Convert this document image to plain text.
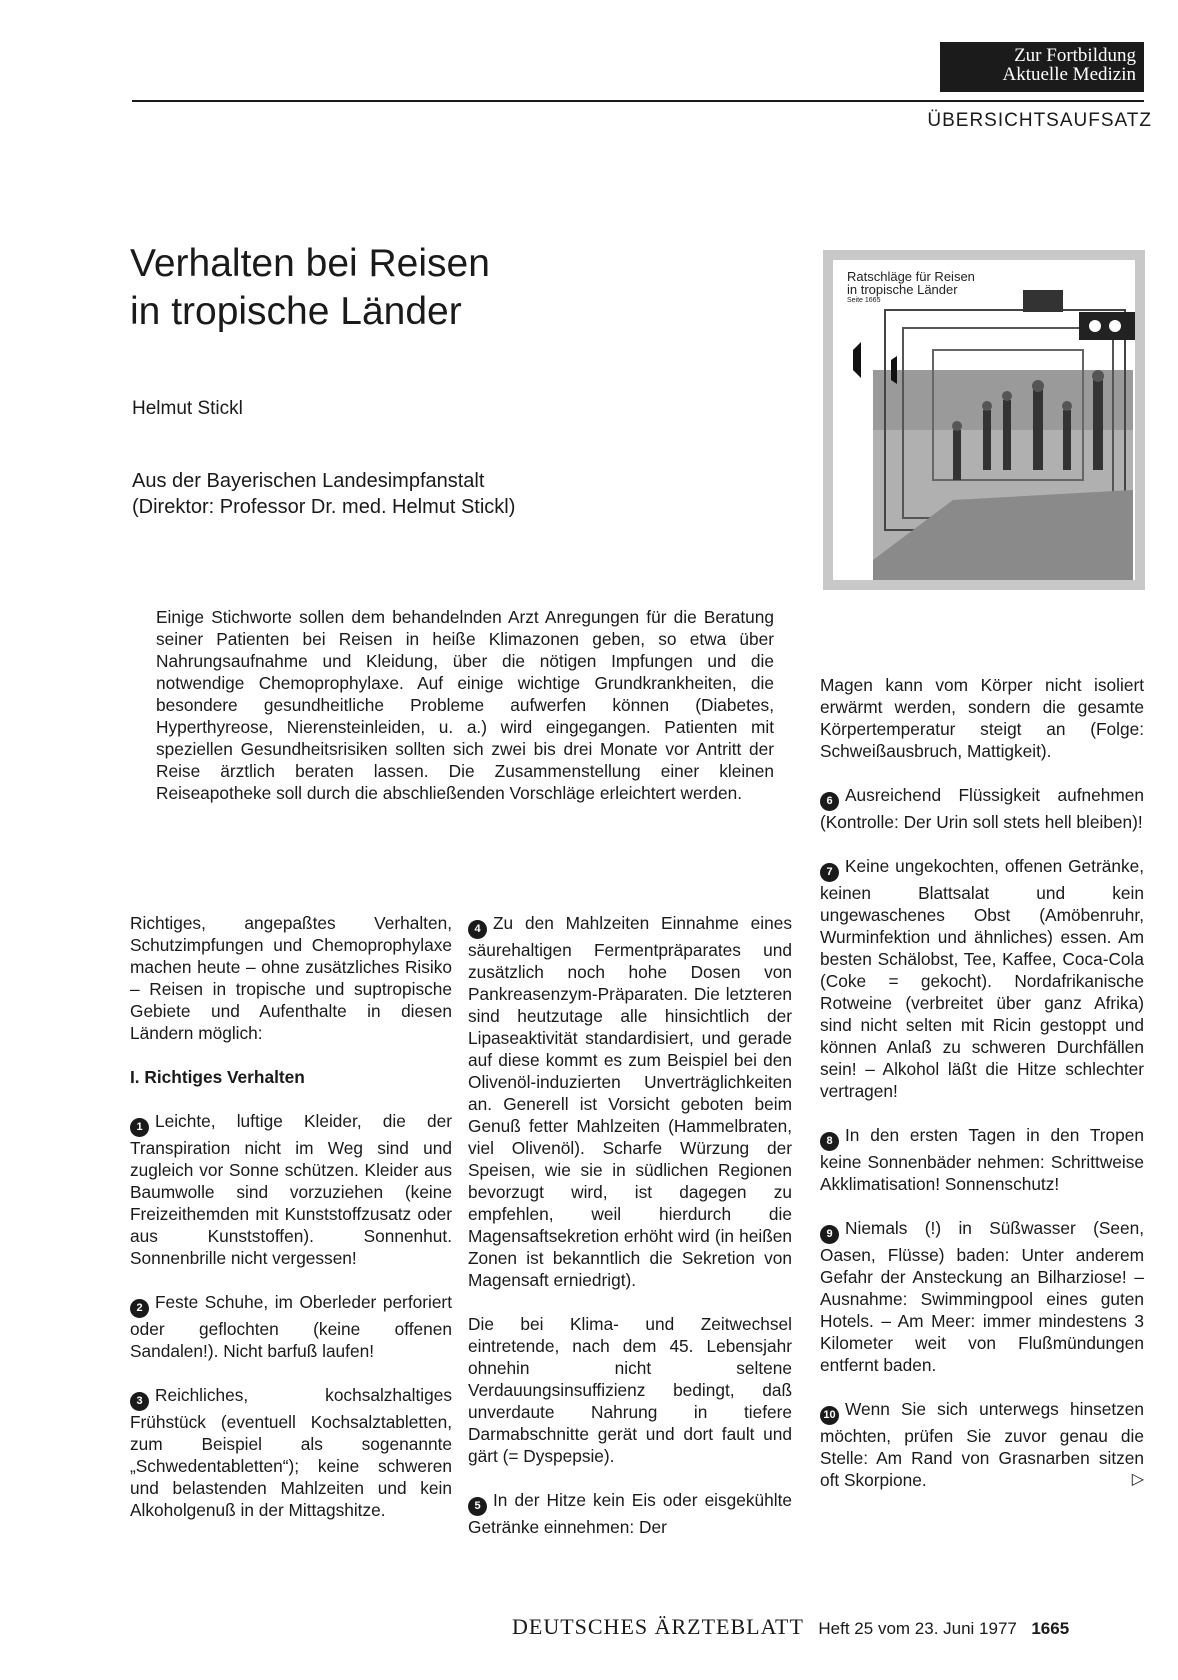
Zur Fortbildung
Aktuelle Medizin
ÜBERSICHTSAUFSATZ
Verhalten bei Reisen
in tropische Länder
Helmut Stickl
Aus der Bayerischen Landesimpfanstalt
(Direktor: Professor Dr. med. Helmut Stickl)
Ratschläge für Reisen
in tropische Länder
Seite 1665
Einige Stichworte sollen dem behandelnden Arzt Anregungen für die Beratung seiner Patienten bei Reisen in heiße Klimazonen geben, so etwa über Nahrungsaufnahme und Kleidung, über die nötigen Impfungen und die notwendige Chemoprophylaxe. Auf einige wichtige Grundkrankheiten, die besondere gesundheitliche Probleme aufwerfen können (Diabetes, Hyperthyreose, Nierensteinleiden, u. a.) wird eingegangen. Patienten mit speziellen Gesundheitsrisiken sollten sich zwei bis drei Monate vor Antritt der Reise ärztlich beraten lassen. Die Zusammenstellung einer kleinen Reiseapotheke soll durch die abschließenden Vorschläge erleichtert werden.

Richtiges, angepaßtes Verhalten, Schutzimpfungen und Chemoprophylaxe machen heute – ohne zusätzliches Risiko – Reisen in tropische und suptropische Gebiete und Aufenthalte in diesen Ländern möglich:

I. Richtiges Verhalten

1 Leichte, luftige Kleider, die der Transpiration nicht im Weg sind und zugleich vor Sonne schützen. Kleider aus Baumwolle sind vorzuziehen (keine Freizeithemden mit Kunststoffzusatz oder aus Kunststoffen). Sonnenhut. Sonnenbrille nicht vergessen!

2 Feste Schuhe, im Oberleder perforiert oder geflochten (keine offenen Sandalen!). Nicht barfuß laufen!

3 Reichliches, kochsalzhaltiges Frühstück (eventuell Kochsalztabletten, zum Beispiel als sogenannte „Schwedentabletten“); keine schweren und belastenden Mahlzeiten und kein Alkoholgenuß in der Mittagshitze.

4 Zu den Mahlzeiten Einnahme eines säurehaltigen Fermentpräparates und zusätzlich noch hohe Dosen von Pankreasenzym-Präparaten. Die letzteren sind heutzutage alle hinsichtlich der Lipaseaktivität standardisiert, und gerade auf diese kommt es zum Beispiel bei den Olivenöl-induzierten Unverträglichkeiten an. Generell ist Vorsicht geboten beim Genuß fetter Mahlzeiten (Hammelbraten, viel Olivenöl). Scharfe Würzung der Speisen, wie sie in südlichen Regionen bevorzugt wird, ist dagegen zu empfehlen, weil hierdurch die Magensaftsekretion erhöht wird (in heißen Zonen ist bekanntlich die Sekretion von Magensaft erniedrigt).

Die bei Klima- und Zeitwechsel eintretende, nach dem 45. Lebensjahr ohnehin nicht seltene Verdauungsinsuffizienz bedingt, daß unverdaute Nahrung in tiefere Darmabschnitte gerät und dort fault und gärt (= Dyspepsie).

5 In der Hitze kein Eis oder eisgekühlte Getränke einnehmen: Der

Magen kann vom Körper nicht isoliert erwärmt werden, sondern die gesamte Körpertemperatur steigt an (Folge: Schweißausbruch, Mattigkeit).

6 Ausreichend Flüssigkeit aufnehmen (Kontrolle: Der Urin soll stets hell bleiben)!

7 Keine ungekochten, offenen Getränke, keinen Blattsalat und kein ungewaschenes Obst (Amöbenruhr, Wurminfektion und ähnliches) essen. Am besten Schälobst, Tee, Kaffee, Coca-Cola (Coke = gekocht). Nordafrikanische Rotweine (verbreitet über ganz Afrika) sind nicht selten mit Ricin gestoppt und können Anlaß zu schweren Durchfällen sein! – Alkohol läßt die Hitze schlechter vertragen!

8 In den ersten Tagen in den Tropen keine Sonnenbäder nehmen: Schrittweise Akklimatisation! Sonnenschutz!

9 Niemals (!) in Süßwasser (Seen, Oasen, Flüsse) baden: Unter anderem Gefahr der Ansteckung an Bilharziose! – Ausnahme: Swimmingpool eines guten Hotels. – Am Meer: immer mindestens 3 Kilometer weit von Flußmündungen entfernt baden.

10 Wenn Sie sich unterwegs hinsetzen möchten, prüfen Sie zuvor genau die Stelle: Am Rand von Grasnarben sitzen oft Skorpione.	▷

DEUTSCHES ÄRZTEBLATT Heft 25 vom 23. Juni 1977 1665
